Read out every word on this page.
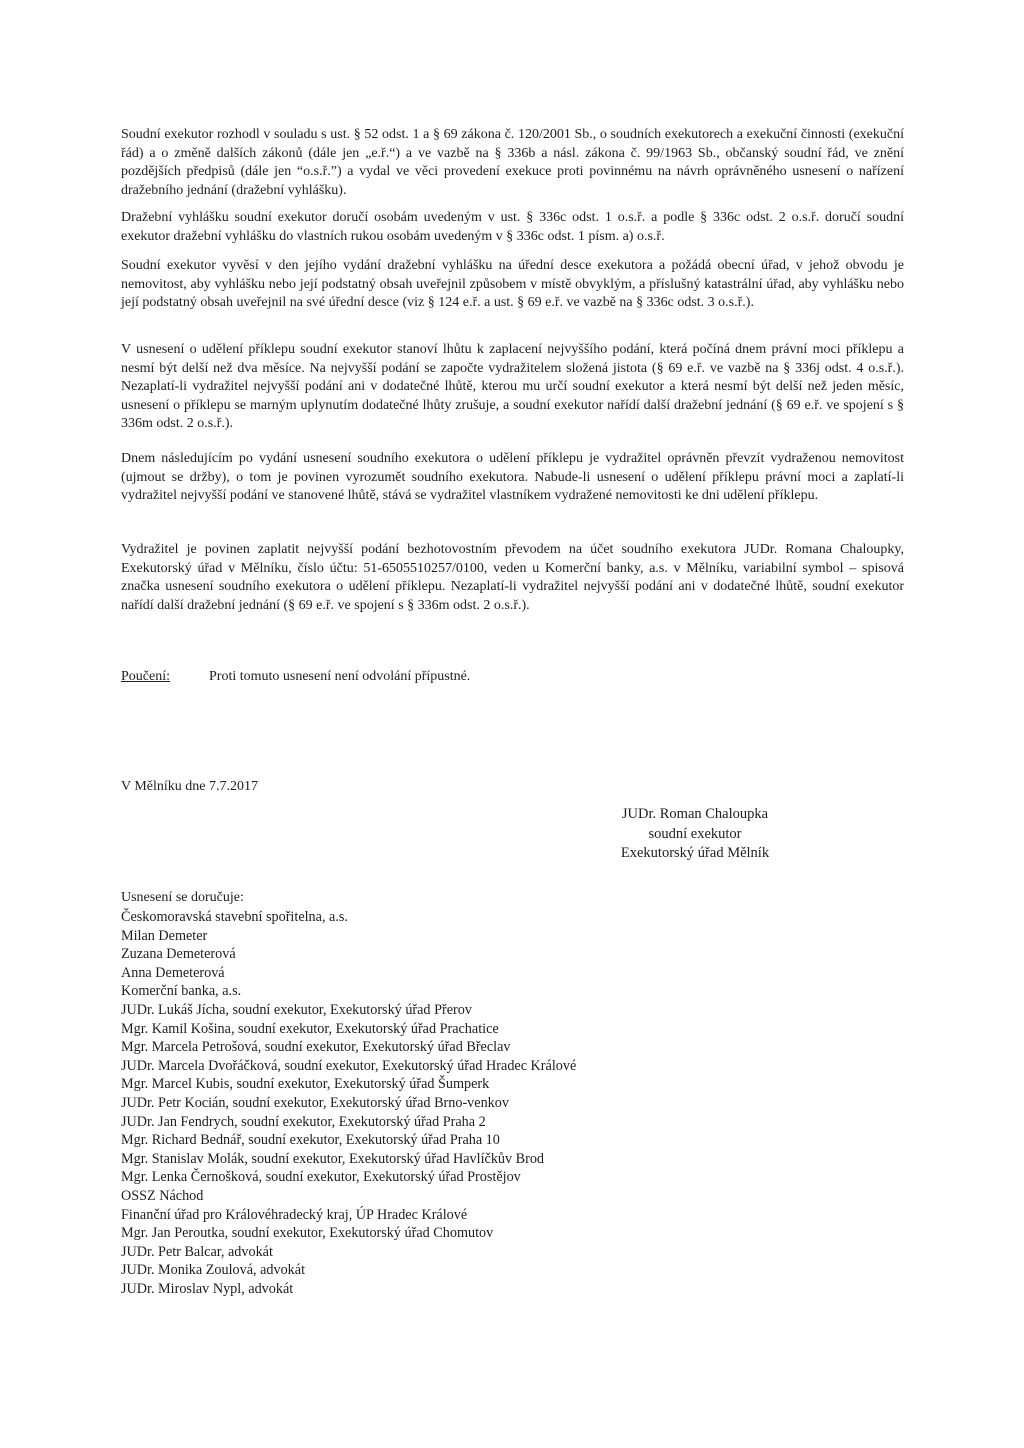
Soudní exekutor rozhodl v souladu s ust. § 52 odst. 1 a § 69 zákona č. 120/2001 Sb., o soudních exekutorech a exekuční činnosti (exekuční řád) a o změně dalších zákonů (dále jen „e.ř.“) a ve vazbě na § 336b a násl. zákona č. 99/1963 Sb., občanský soudní řád, ve znění pozdějších předpisů (dále jen “o.s.ř.”) a vydal ve věci provedení exekuce proti povinnému na návrh oprávněného usnesení o nařízení dražebního jednání (dražební vyhlášku).

Dražební vyhlášku soudní exekutor doručí osobám uvedeným v ust. § 336c odst. 1 o.s.ř. a podle § 336c odst. 2 o.s.ř. doručí soudní exekutor dražební vyhlášku do vlastních rukou osobám uvedeným v § 336c odst. 1 písm. a) o.s.ř.

Soudní exekutor vyvěsí v den jejího vydání dražební vyhlášku na úřední desce exekutora a požádá obecní úřad, v jehož obvodu je nemovitost, aby vyhlášku nebo její podstatný obsah uveřejnil způsobem v místě obvyklým, a příslušný katastrální úřad, aby vyhlášku nebo její podstatný obsah uveřejnil na své úřední desce (viz § 124 e.ř. a ust. § 69 e.ř. ve vazbě na § 336c odst. 3 o.s.ř.).

V usnesení o udělení příklepu soudní exekutor stanoví lhůtu k zaplacení nejvyššího podání, která počíná dnem právní moci příklepu a nesmí být delší než dva měsíce. Na nejvyšší podání se započte vydražitelem složená jistota (§ 69 e.ř. ve vazbě na § 336j odst. 4 o.s.ř.). Nezaplatí-li vydražitel nejvyšší podání ani v dodatečné lhůtě, kterou mu určí soudní exekutor a která nesmí být delší než jeden měsíc, usnesení o příklepu se marným uplynutím dodatečné lhůty zrušuje, a soudní exekutor nařídí další dražební jednání (§ 69 e.ř. ve spojení s § 336m odst. 2 o.s.ř.).

Dnem následujícím po vydání usnesení soudního exekutora o udělení příklepu je vydražitel oprávněn převzít vydraženou nemovitost (ujmout se držby), o tom je povinen vyrozumět soudního exekutora. Nabude-li usnesení o udělení příklepu právní moci a zaplatí-li vydražitel nejvyšší podání ve stanovené lhůtě, stává se vydražitel vlastníkem vydražené nemovitosti ke dni udělení příklepu.

Vydražitel je povinen zaplatit nejvyšší podání bezhotovostním převodem na účet soudního exekutora JUDr. Romana Chaloupky, Exekutorský úřad v Mělníku, číslo účtu: 51-6505510257/0100, veden u Komerční banky, a.s. v Mělníku, variabilní symbol – spisová značka usnesení soudního exekutora o udělení příklepu. Nezaplatí-li vydražitel nejvyšší podání ani v dodatečné lhůtě, soudní exekutor nařídí další dražební jednání (§ 69 e.ř. ve spojení s § 336m odst. 2 o.s.ř.).

Poučení:	Proti tomuto usnesení není odvolání přípustné.
V Mělníku dne 7.7.2017
JUDr. Roman Chaloupka
soudní exekutor
Exekutorský úřad Mělník
Usnesení se doručuje:
Českomoravská stavební spořitelna, a.s.
Milan Demeter
Zuzana Demeterová
Anna Demeterová
Komerční banka, a.s.
JUDr. Lukáš Jícha, soudní exekutor, Exekutorský úřad Přerov
Mgr. Kamil Košina, soudní exekutor, Exekutorský úřad Prachatice
Mgr. Marcela Petrošová, soudní exekutor, Exekutorský úřad Břeclav
JUDr. Marcela Dvořáčková, soudní exekutor, Exekutorský úřad Hradec Králové
Mgr. Marcel Kubis, soudní exekutor, Exekutorský úřad Šumperk
JUDr. Petr Kocián, soudní exekutor, Exekutorský úřad Brno-venkov
JUDr. Jan Fendrych, soudní exekutor, Exekutorský úřad Praha 2
Mgr. Richard Bednář, soudní exekutor, Exekutorský úřad Praha 10
Mgr. Stanislav Molák, soudní exekutor, Exekutorský úřad Havlíčkův Brod
Mgr. Lenka Černošková, soudní exekutor, Exekutorský úřad Prostějov
OSSZ Náchod
Finanční úřad pro Královéhradecký kraj, ÚP Hradec Králové
Mgr. Jan Peroutka, soudní exekutor, Exekutorský úřad Chomutov
JUDr. Petr Balcar, advokát
JUDr. Monika Zoulová, advokát
JUDr. Miroslav Nypl, advokát
